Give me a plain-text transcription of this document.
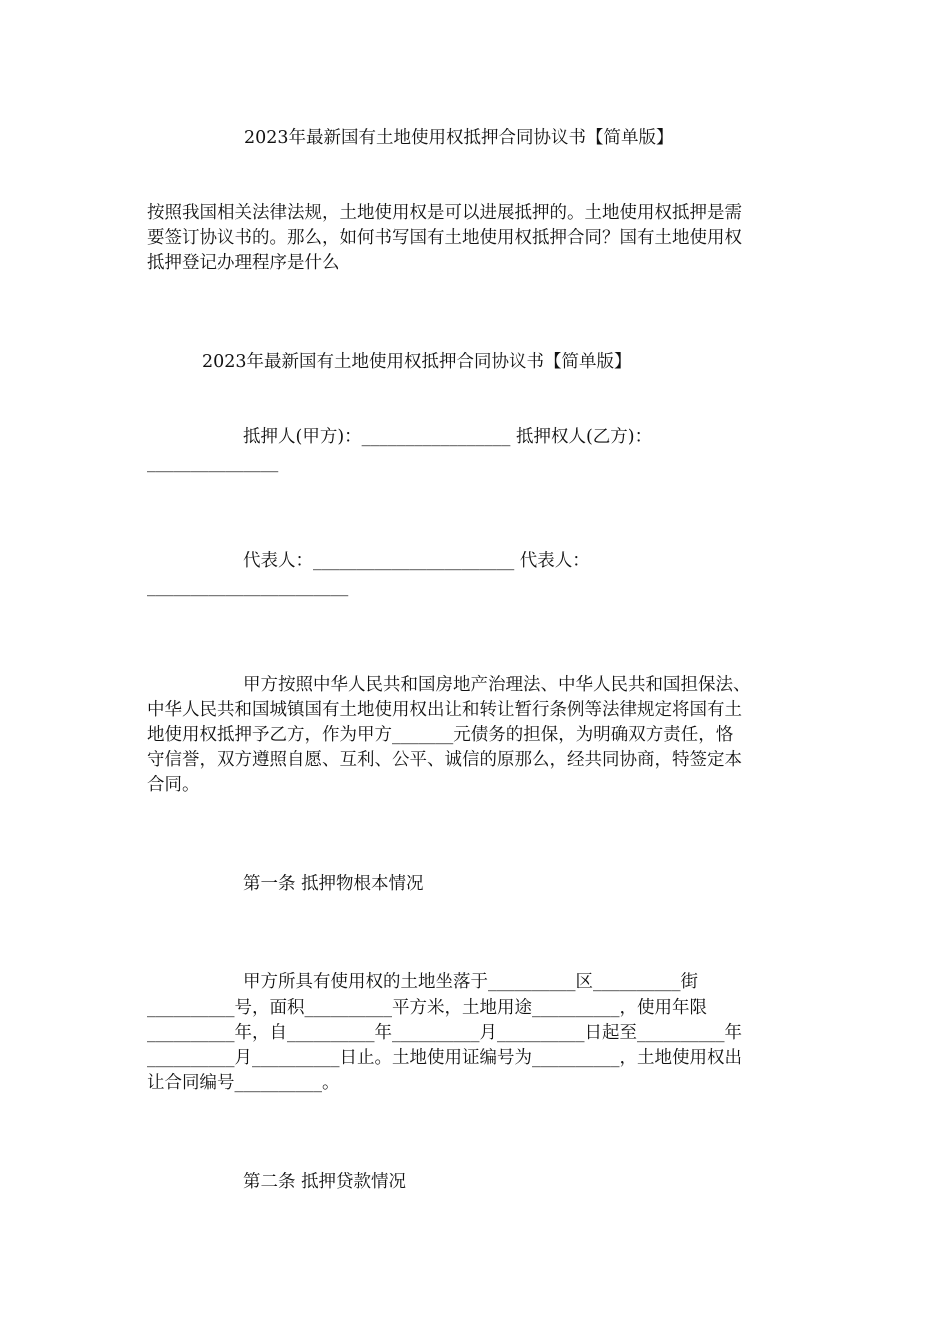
2023年最新国有土地使用权抵押合同协议书【简单版】
按照我国相关法律法规，土地使用权是可以进展抵押的。土地使用权抵押是需
要签订协议书的。那么，如何书写国有土地使用权抵押合同？国有土地使用权
抵押登记办理程序是什么
2023年最新国有土地使用权抵押合同协议书【简单版】
抵押人(甲方)：_________________ 抵押权人(乙方)：
_______________
代表人：_______________________ 代表人：
_______________________
甲方按照中华人民共和国房地产治理法、中华人民共和国担保法、
中华人民共和国城镇国有土地使用权出让和转让暂行条例等法律规定将国有土
地使用权抵押予乙方，作为甲方_______元债务的担保，为明确双方责任，恪
守信誉，双方遵照自愿、互利、公平、诚信的原那么，经共同协商，特签定本
合同。
第一条 抵押物根本情况
甲方所具有使用权的土地坐落于__________区__________街
__________号，面积__________平方米，土地用途__________，使用年限
__________年，自__________年__________月__________日起至__________年
__________月__________日止。土地使用证编号为__________，土地使用权出
让合同编号__________。
第二条 抵押贷款情况
